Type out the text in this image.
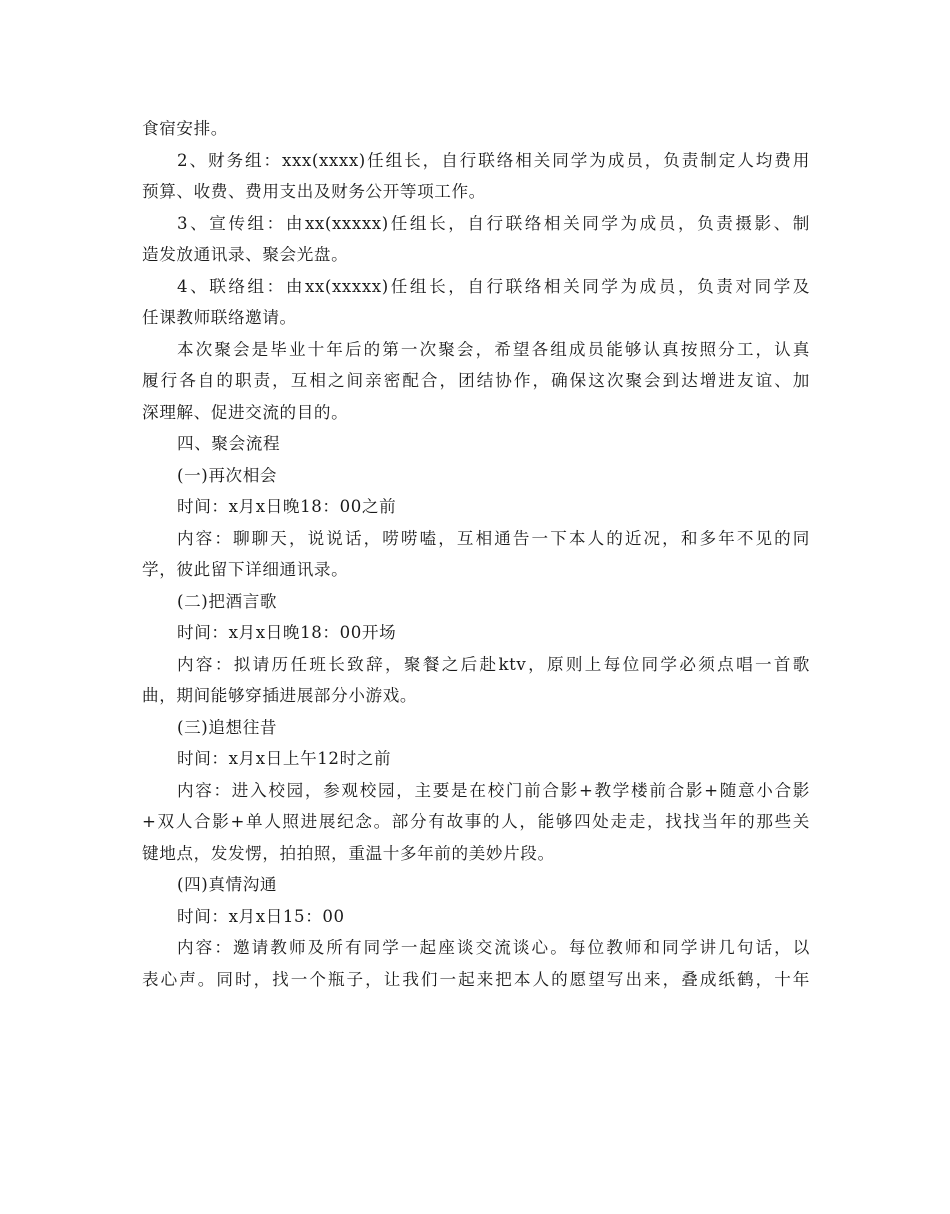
食宿安排。
2、财务组：xxx(xxxx)任组长，自行联络相关同学为成员，负责制定人均费用
预算、收费、费用支出及财务公开等项工作。
3、宣传组：由xx(xxxxx)任组长，自行联络相关同学为成员，负责摄影、制
造发放通讯录、聚会光盘。
4、联络组：由xx(xxxxx)任组长，自行联络相关同学为成员，负责对同学及
任课教师联络邀请。
本次聚会是毕业十年后的第一次聚会，希望各组成员能够认真按照分工，认真
履行各自的职责，互相之间亲密配合，团结协作，确保这次聚会到达增进友谊、加
深理解、促进交流的目的。
四、聚会流程
(一)再次相会
时间：x月x日晚18：00之前
内容：聊聊天，说说话，唠唠嗑，互相通告一下本人的近况，和多年不见的同
学，彼此留下详细通讯录。
(二)把酒言歌
时间：x月x日晚18：00开场
内容：拟请历任班长致辞，聚餐之后赴ktv，原则上每位同学必须点唱一首歌
曲，期间能够穿插进展部分小游戏。
(三)追想往昔
时间：x月x日上午12时之前
内容：进入校园，参观校园，主要是在校门前合影+教学楼前合影+随意小合影
+双人合影+单人照进展纪念。部分有故事的人，能够四处走走，找找当年的那些关
键地点，发发愣，拍拍照，重温十多年前的美妙片段。
(四)真情沟通
时间：x月x日15：00
内容：邀请教师及所有同学一起座谈交流谈心。每位教师和同学讲几句话，以
表心声。同时，找一个瓶子，让我们一起来把本人的愿望写出来，叠成纸鹤，十年
